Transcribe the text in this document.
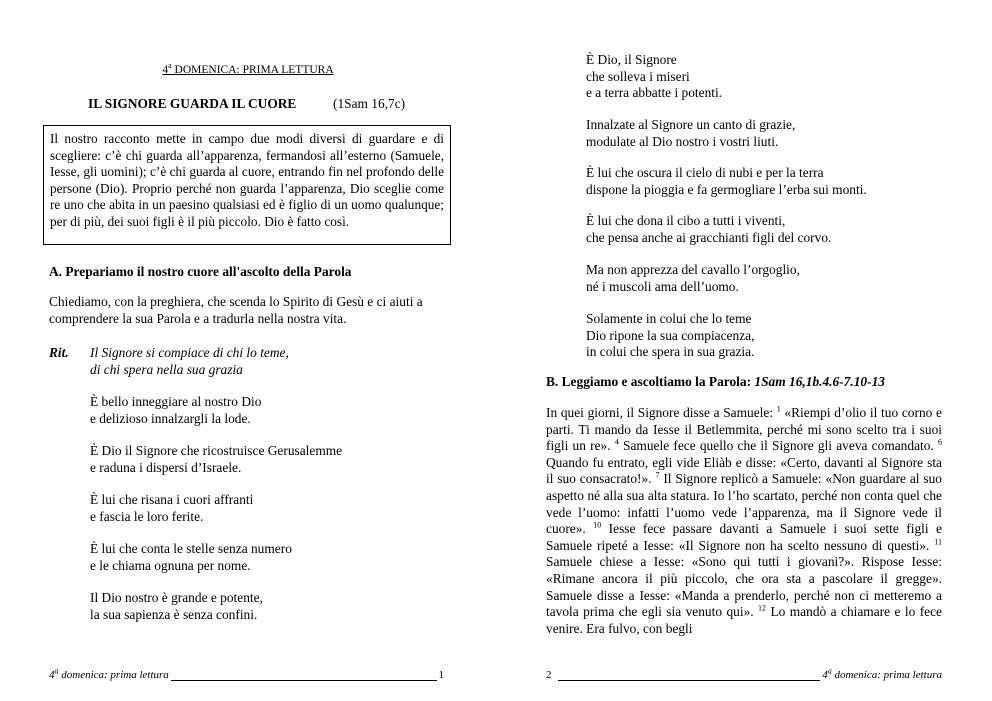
4$^a$ DOMENICA: PRIMA LETTURA
IL SIGNORE GUARDA IL CUORE	(1Sam 16,7c)

Il nostro racconto mette in campo due modi diversi di guardare e di scegliere: c’è chi guarda all’apparenza, fermandosi all’esterno (Samuele, Iesse, gli uomini); c’è chi guarda al cuore, entrando fin nel profondo delle persone (Dio). Proprio perché non guarda l’apparenza, Dio sceglie come re uno che abita in un paesino qualsiasi ed è figlio di un uomo qualunque; per di più, dei suoi figli è il più piccolo. Dio è fatto così.

A. Prepariamo il nostro cuore all'ascolto della Parola

Chiediamo, con la preghiera, che scenda lo Spirito di Gesù e ci aiuti a comprendere la sua Parola e a tradurla nella nostra vita.

Rit. Il Signore si compiace di chi lo teme,
di chi spera nella sua grazia
È bello inneggiare al nostro Dio
e delizioso innalzargli la lode.
È Dio il Signore che ricostruisce Gerusalemme
e raduna i dispersi d’Israele.
È lui che risana i cuori affranti
e fascia le loro ferite.
È lui che conta le stelle senza numero
e le chiama ognuna per nome.
Il Dio nostro è grande e potente,
la sua sapienza è senza confini.
4$^a$ domenica: prima lettura	1
È Dio, il Signore
che solleva i miseri
e a terra abbatte i potenti.
Innalzate al Signore un canto di grazie,
modulate al Dio nostro i vostri liuti.
È lui che oscura il cielo di nubi e per la terra
dispone la pioggia e fa germogliare l’erba sui monti.
È lui che dona il cibo a tutti i viventi,
che pensa anche ai gracchianti figli del corvo.
Ma non apprezza del cavallo l’orgoglio,
né i muscoli ama dell’uomo.
Solamente in colui che lo teme
Dio ripone la sua compiacenza,
in colui che spera in sua grazia.
B. Leggiamo e ascoltiamo la Parola: 1Sam 16,1b.4.6-7.10-13

In quei giorni, il Signore disse a Samuele: $^1$ «Riempi d’olio il tuo corno e parti. Ti mando da Iesse il Betlemmita, perché mi sono scelto tra i suoi figli un re». $^4$ Samuele fece quello che il Signore gli aveva comandato. $^6$ Quando fu entrato, egli vide Eliàb e disse: «Certo, davanti al Signore sta il suo consacrato!». $^7$ Il Signore replicò a Samuele: «Non guardare al suo aspetto né alla sua alta statura. Io l’ho scartato, perché non conta quel che vede l’uomo: infatti l’uomo vede l’apparenza, ma il Signore vede il cuore». $^{10}$ Iesse fece passare davanti a Samuele i suoi sette figli e Samuele ripeté a Iesse: «Il Signore non ha scelto nessuno di questi». $^{11}$ Samuele chiese a Iesse: «Sono qui tutti i giovani?». Rispose Iesse: «Rimane ancora il più piccolo, che ora sta a pascolare il gregge». Samuele disse a Iesse: «Manda a prenderlo, perché non ci metteremo a tavola prima che egli sia venuto qui». $^{12}$ Lo mandò a chiamare e lo fece venire. Era fulvo, con begli

2	4$^a$ domenica: prima lettura
